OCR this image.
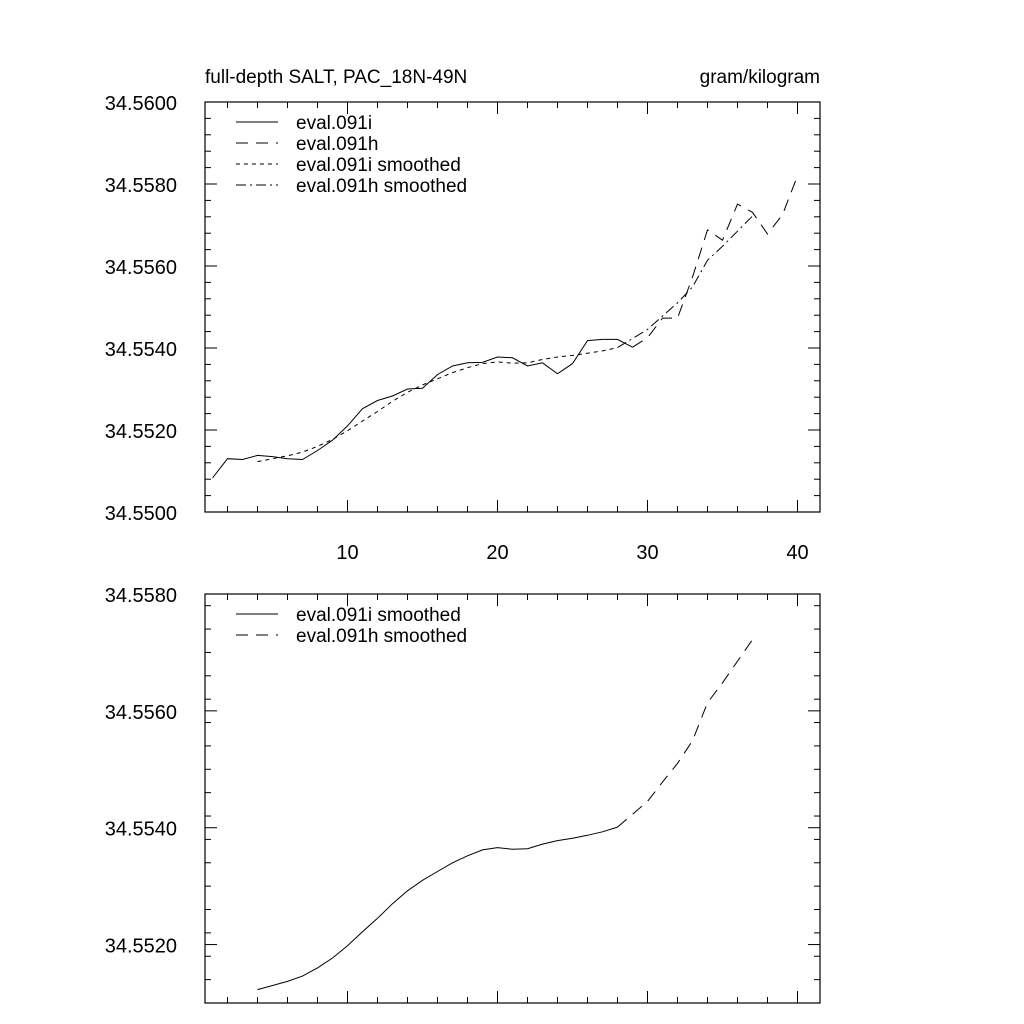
10	20	30	40
34.5500
34.5520
34.5540
34.5560
34.5580
34.5600
full-depth SALT, PAC_18N-49N	gram/kilogram
eval.091i
eval.091h
eval.091i smoothed
eval.091h smoothed
34.5520
34.5540
34.5560
34.5580
eval.091i smoothed
eval.091h smoothed
